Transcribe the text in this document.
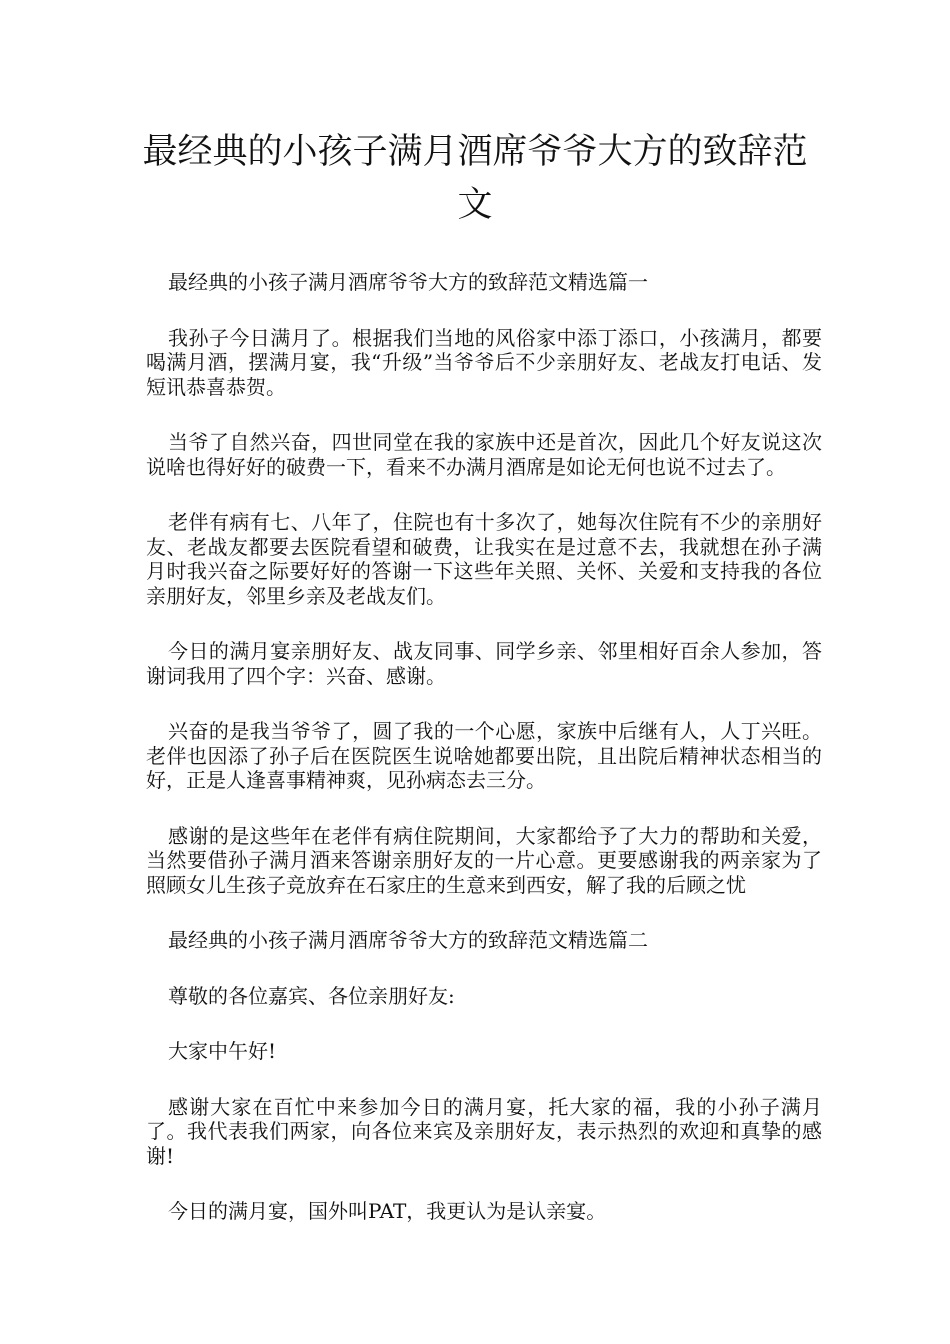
最经典的小孩子满月酒席爷爷大方的致辞范文

最经典的小孩子满月酒席爷爷大方的致辞范文精选篇一

我孙子今日满月了。根据我们当地的风俗家中添丁添口，小孩满月，都要喝满月酒，摆满月宴，我“升级”当爷爷后不少亲朋好友、老战友打电话、发短讯恭喜恭贺。

当爷了自然兴奋，四世同堂在我的家族中还是首次，因此几个好友说这次说啥也得好好的破费一下，看来不办满月酒席是如论无何也说不过去了。

老伴有病有七、八年了，住院也有十多次了，她每次住院有不少的亲朋好友、老战友都要去医院看望和破费，让我实在是过意不去，我就想在孙子满月时我兴奋之际要好好的答谢一下这些年关照、关怀、关爱和支持我的各位亲朋好友，邻里乡亲及老战友们。

今日的满月宴亲朋好友、战友同事、同学乡亲、邻里相好百余人参加，答谢词我用了四个字：兴奋、感谢。

兴奋的是我当爷爷了，圆了我的一个心愿，家族中后继有人，人丁兴旺。老伴也因添了孙子后在医院医生说啥她都要出院，且出院后精神状态相当的好，正是人逢喜事精神爽，见孙病态去三分。

感谢的是这些年在老伴有病住院期间，大家都给予了大力的帮助和关爱，当然要借孙子满月酒来答谢亲朋好友的一片心意。更要感谢我的两亲家为了照顾女儿生孩子竞放弃在石家庄的生意来到西安，解了我的后顾之忧

最经典的小孩子满月酒席爷爷大方的致辞范文精选篇二

尊敬的各位嘉宾、各位亲朋好友:

大家中午好!

感谢大家在百忙中来参加今日的满月宴，托大家的福，我的小孙子满月了。我代表我们两家，向各位来宾及亲朋好友，表示热烈的欢迎和真挚的感谢!

今日的满月宴，国外叫PAT，我更认为是认亲宴。
